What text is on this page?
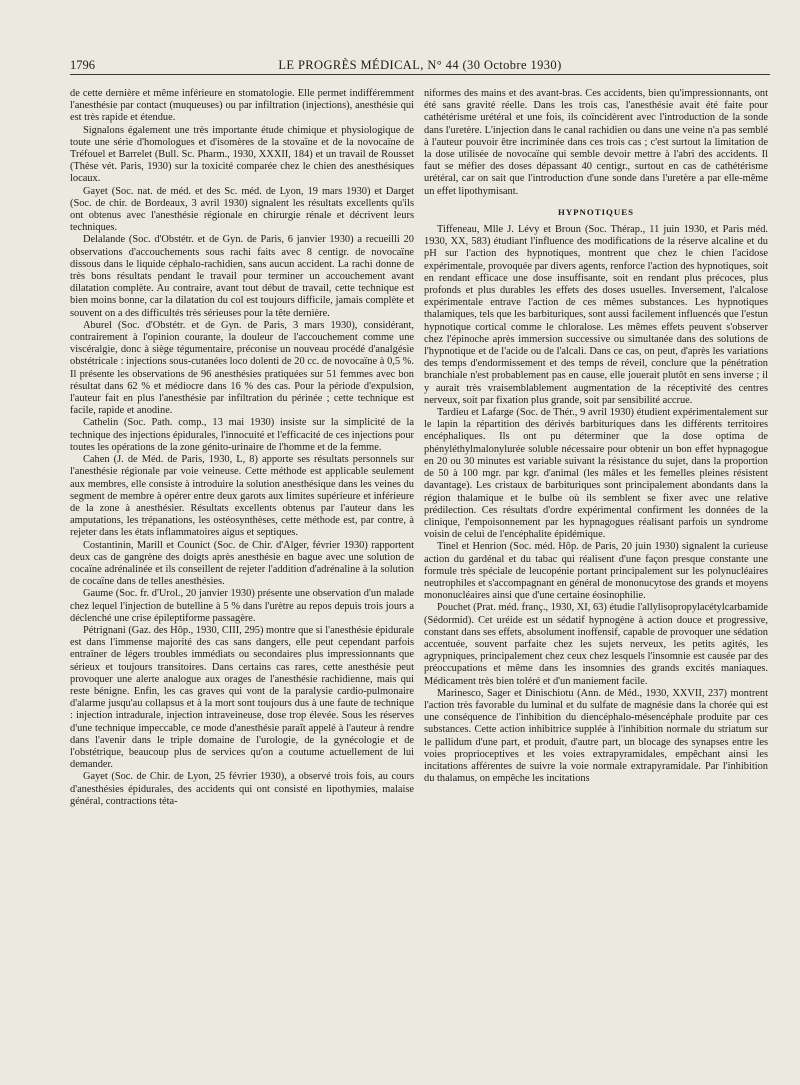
1796	LE PROGRÈS MÉDICAL, N° 44 (30 Octobre 1930)

de cette dernière et même inférieure en stomatologie. Elle permet indifféremment l'anesthésie par contact (muqueuses) ou par infiltration (injections), anesthésie qui est très rapide et étendue.

Signalons également une très importante étude chimique et physiologique de toute une série d'homologues et d'isomères de la stovaïne et de la novocaïne de Tréfouel et Barrelet (Bull. Sc. Pharm., 1930, XXXII, 184) et un travail de Rousset (Thèse vét. Paris, 1930) sur la toxicité comparée chez le chien des anesthésiques locaux.

Gayet (Soc. nat. de méd. et des Sc. méd. de Lyon, 19 mars 1930) et Darget (Soc. de chir. de Bordeaux, 3 avril 1930) signalent les résultats excellents qu'ils ont obtenus avec l'anesthésie régionale en chirurgie rénale et décrivent leurs techniques.

Delalande (Soc. d'Obstétr. et de Gyn. de Paris, 6 janvier 1930) a recueilli 20 observations d'accouchements sous rachi faits avec 8 centigr. de novocaïne dissous dans le liquide céphalo-rachidien, sans aucun accident. La rachi donne de très bons résultats pendant le travail pour terminer un accouchement avant dilatation complète. Au contraire, avant tout début de travail, cette technique est bien moins bonne, car la dilatation du col est toujours difficile, jamais complète et souvent on a des difficultés très sérieuses pour la tête dernière.

Aburel (Soc. d'Obstétr. et de Gyn. de Paris, 3 mars 1930), considérant, contrairement à l'opinion courante, la douleur de l'accouchement comme une viscéralgie, donc à siège tégumentaire, préconise un nouveau procédé d'analgésie obstétricale : injections sous-cutanées loco dolenti de 20 cc. de novocaïne à 0,5 %. Il présente les observations de 96 anesthésies pratiquées sur 51 femmes avec bon résultat dans 62 % et médiocre dans 16 % des cas. Pour la période d'expulsion, l'auteur fait en plus l'anesthésie par infiltration du périnée ; cette technique est facile, rapide et anodine.

Cathelin (Soc. Path. comp., 13 mai 1930) insiste sur la simplicité de la technique des injections épidurales, l'innocuité et l'efficacité de ces injections pour toutes les opérations de la zone génito-urinaire de l'homme et de la femme.

Cahen (J. de Méd. de Paris, 1930, L, 8) apporte ses résultats personnels sur l'anesthésie régionale par voie veineuse. Cette méthode est applicable seulement aux membres, elle consiste à introduire la solution anesthésique dans les veines du segment de membre à opérer entre deux garots aux limites supérieure et inférieure de la zone à anesthésier. Résultats excellents obtenus par l'auteur dans les amputations, les trépanations, les ostéosynthèses, cette méthode est, par contre, à rejeter dans les états inflammatoires aigus et septiques.

Costantinin, Marill et Counict (Soc. de Chir. d'Alger, février 1930) rapportent deux cas de gangrène des doigts après anesthésie en bague avec une solution de cocaïne adrénalinée et ils conseillent de rejeter l'addition d'adrénaline à la solution de cocaïne dans de telles anesthésies.

Gaume (Soc. fr. d'Urol., 20 janvier 1930) présente une observation d'un malade chez lequel l'injection de butelline à 5 % dans l'urètre au repos depuis trois jours a déclenché une crise épileptiforme passagère.

Pétrignani (Gaz. des Hôp., 1930, CIII, 295) montre que si l'anesthésie épidurale est dans l'immense majorité des cas sans dangers, elle peut cependant parfois entraîner de légers troubles immédiats ou secondaires plus impressionnants que sérieux et toujours transitoires. Dans certains cas rares, cette anesthésie peut provoquer une alerte analogue aux orages de l'anesthésie rachidienne, mais qui reste bénigne. Enfin, les cas graves qui vont de la paralysie cardio-pulmonaire d'alarme jusqu'au collapsus et à la mort sont toujours dus à une faute de technique : injection intradurale, injection intraveineuse, dose trop élevée. Sous les réserves d'une technique impeccable, ce mode d'anesthésie paraît appelé à l'auteur à rendre dans l'avenir dans le triple domaine de l'urologie, de la gynécologie et de l'obstétrique, beaucoup plus de services qu'on a coutume actuellement de lui demander.

Gayet (Soc. de Chir. de Lyon, 25 février 1930), a observé trois fois, au cours d'anesthésies épidurales, des accidents qui ont consisté en lipothymies, malaise général, contractions téta-

niformes des mains et des avant-bras. Ces accidents, bien qu'impressionnants, ont été sans gravité réelle. Dans les trois cas, l'anesthésie avait été faite pour cathétérisme urétéral et une fois, ils coïncidèrent avec l'introduction de la sonde dans l'uretère. L'injection dans le canal rachidien ou dans une veine n'a pas semblé à l'auteur pouvoir être incriminée dans ces trois cas ; c'est surtout la limitation de la dose utilisée de novocaïne qui semble devoir mettre à l'abri des accidents. Il faut se méfier des doses dépassant 40 centigr., surtout en cas de cathétérisme urétéral, car on sait que l'introduction d'une sonde dans l'uretère a par elle-même un effet lipothymisant.

HYPNOTIQUES

Tiffeneau, Mlle J. Lévy et Broun (Soc. Thérap., 11 juin 1930, et Paris méd. 1930, XX, 583) étudiant l'influence des modifications de la réserve alcaline et du pH sur l'action des hypnotiques, montrent que chez le chien l'acidose expérimentale, provoquée par divers agents, renforce l'action des hypnotiques, soit en rendant efficace une dose insuffisante, soit en rendant plus précoces, plus profonds et plus durables les effets des doses usuelles. Inversement, l'alcalose expérimentale entrave l'action de ces mêmes substances. Les hypnotiques thalamiques, tels que les barbituriques, sont aussi facilement influencés que l'estun hypnotique cortical comme le chloralose. Les mêmes effets peuvent s'observer chez l'épinoche après immersion successive ou simultanée dans des solutions de l'hypnotique et de l'acide ou de l'alcali. Dans ce cas, on peut, d'après les variations des temps d'endormissement et des temps de réveil, conclure que la pénétration branchiale n'est probablement pas en cause, elle jouerait plutôt en sens inverse ; il y aurait très vraisemblablement augmentation de la réceptivité des centres nerveux, soit par fixation plus grande, soit par sensibilité accrue.

Tardieu et Lafarge (Soc. de Thér., 9 avril 1930) étudient expérimentalement sur le lapin la répartition des dérivés barbituriques dans les différents territoires encéphaliques. Ils ont pu déterminer que la dose optima de phényléthylmalonylurée soluble nécessaire pour obtenir un bon effet hypnagogue en 20 ou 30 minutes est variable suivant la résistance du sujet, dans la proportion de 50 à 100 mgr. par kgr. d'animal (les mâles et les femelles pleines résistent davantage). Les cristaux de barbituriques sont principalement abondants dans la région thalamique et le bulbe où ils semblent se fixer avec une relative prédilection. Ces résultats d'ordre expérimental confirment les données de la clinique, l'empoisonnement par les hypnagogues réalisant parfois un syndrome voisin de celui de l'encéphalite épidémique.

Tinel et Henrion (Soc. méd. Hôp. de Paris, 20 juin 1930) signalent la curieuse action du gardénal et du tabac qui réalisent d'une façon presque constante une formule très spéciale de leucopénie portant principalement sur les polynucléaires neutrophiles et s'accompagnant en général de mononucytose des grands et moyens mononucléaires ainsi que d'une certaine éosinophilie.

Pouchet (Prat. méd. franç., 1930, XI, 63) étudie l'allylisopropylacétylcarbamide (Sédormid). Cet uréide est un sédatif hypnogène à action douce et progressive, constant dans ses effets, absolument inoffensif, capable de provoquer une sédation accentuée, souvent parfaite chez les sujets nerveux, les petits agités, les agrypniques, principalement chez ceux chez lesquels l'insomnie est causée par des préoccupations et même dans les insomnies des grands excités maniaques. Médicament très bien toléré et d'un maniement facile.

Marinesco, Sager et Dinischiotu (Ann. de Méd., 1930, XXVII, 237) montrent l'action très favorable du luminal et du sulfate de magnésie dans la chorée qui est une conséquence de l'inhibition du diencéphalo-mésencéphale produite par ces substances. Cette action inhibitrice supplée à l'inhibition normale du striatum sur le pallidum d'une part, et produit, d'autre part, un blocage des synapses entre les voies proprioceptives et les voies extrapyramidales, empêchant ainsi les incitations afférentes de suivre la voie normale extrapyramidale. Par l'inhibition du thalamus, on empêche les incitations
